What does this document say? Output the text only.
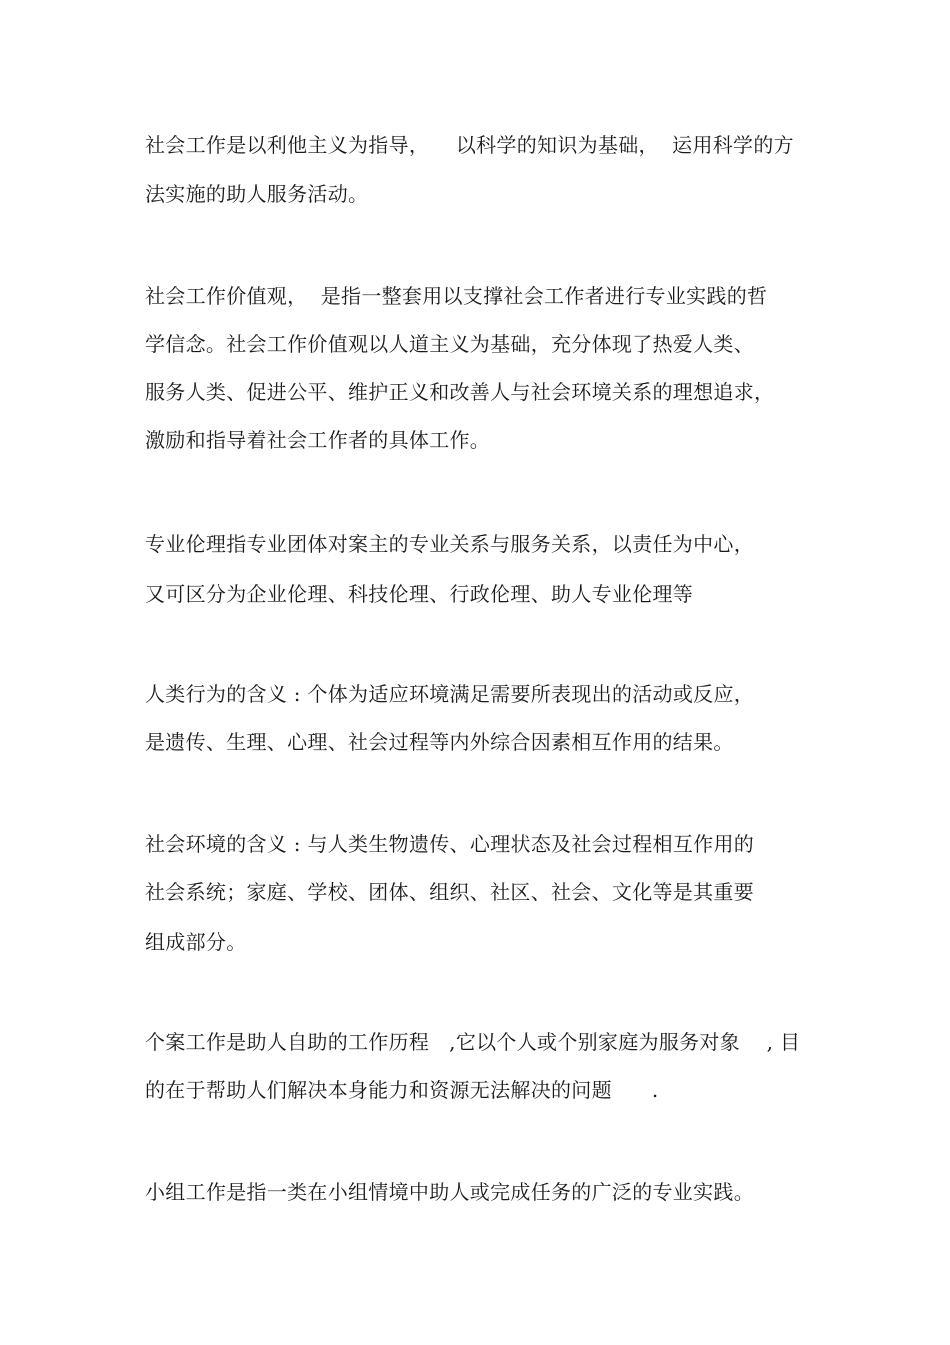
社会工作是以利他主义为指导，    以科学的知识为基础，  运用科学的方
法实施的助人服务活动。
社会工作价值观，  是指一整套用以支撑社会工作者进行专业实践的哲
学信念。社会工作价值观以人道主义为基础，充分体现了热爱人类、
服务人类、促进公平、维护正义和改善人与社会环境关系的理想追求，
激励和指导着社会工作者的具体工作。
专业伦理指专业团体对案主的专业关系与服务关系，以责任为中心，
又可区分为企业伦理、科技伦理、行政伦理、助人专业伦理等
人类行为的含义 : 个体为适应环境满足需要所表现出的活动或反应，
是遗传、生理、心理、社会过程等内外综合因素相互作用的结果。
社会环境的含义 : 与人类生物遗传、心理状态及社会过程相互作用的
社会系统；家庭、学校、团体、组织、社区、社会、文化等是其重要
组成部分。
个案工作是助人自助的工作历程   ,它以个人或个别家庭为服务对象    , 目
的在于帮助人们解决本身能力和资源无法解决的问题      .
小组工作是指一类在小组情境中助人或完成任务的广泛的专业实践。
